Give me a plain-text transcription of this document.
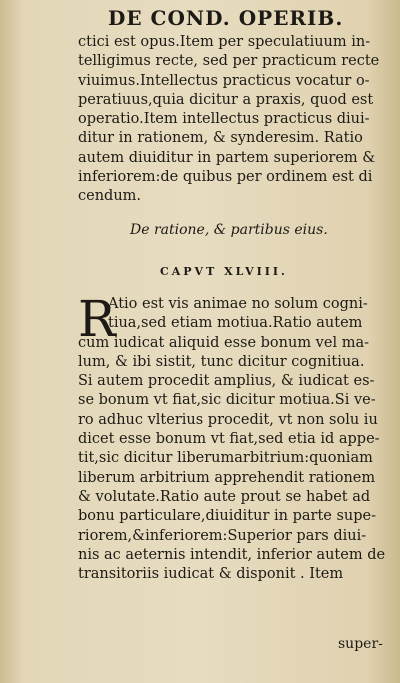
DE COND. OPERIB.
ctici est opus.Item per speculatiuum in-
telligimus recte, sed per practicum recte
viuimus.Intellectus practicus vocatur o-
peratiuus,quia dicitur a praxis, quod est
operatio.Item intellectus practicus diui-
ditur in rationem, & synderesim. Ratio
autem diuiditur in partem superiorem &
inferiorem:de quibus per ordinem est di
cendum.
De ratione, & partibus eius.
CAPVT XLVIII.
R
Atio est vis animae no solum cogni-
tiua,sed etiam motiua.Ratio autem
cum iudicat aliquid esse bonum vel ma-
lum, & ibi sistit, tunc dicitur cognitiua.
Si autem procedit amplius, & iudicat es-
se bonum vt fiat,sic dicitur motiua.Si ve-
ro adhuc vlterius procedit, vt non solu iu
dicet esse bonum vt fiat,sed etia id appe-
tit,sic dicitur liberumarbitrium:quoniam
liberum arbitrium apprehendit rationem
& volutate.Ratio aute prout se habet ad
bonu particulare,diuiditur in parte supe-
riorem,&inferiorem:Superior pars diui-
nis ac aeternis intendit, inferior autem de
transitoriis iudicat & disponit . Item
super-
